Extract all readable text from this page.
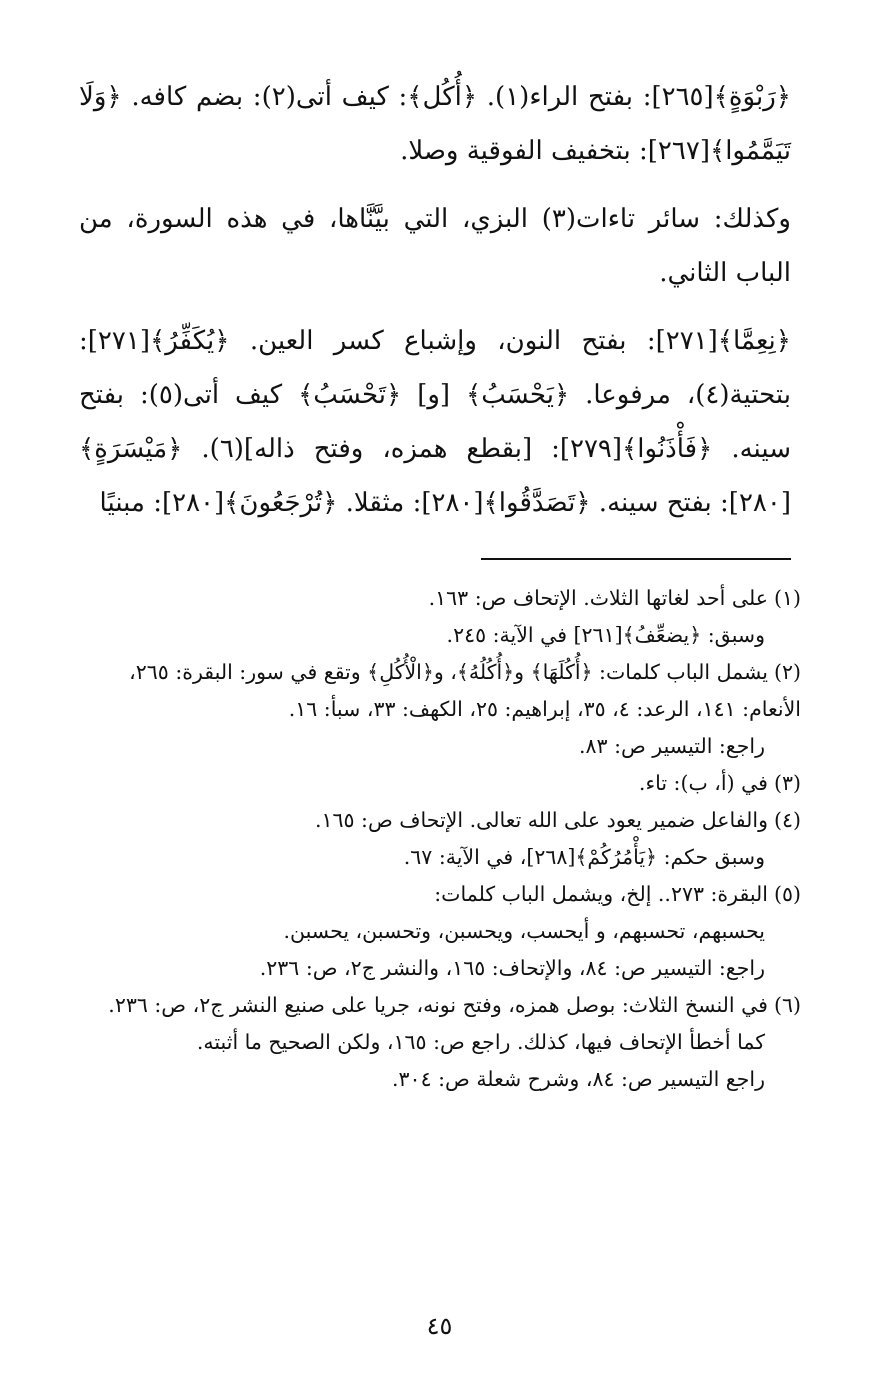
﴿رَبْوَةٍ﴾[٢٦٥]: بفتح الراء(١). ﴿أُكُل﴾: كيف أتى(٢): بضم كافه. ﴿وَلَا تَيَمَّمُوا﴾[٢٦٧]: بتخفيف الفوقية وصلا.

وكذلك: سائر تاءات(٣) البزي، التي بيَّنَّاها، في هذه السورة، من الباب الثاني.

﴿نِعِمَّا﴾[٢٧١]: بفتح النون، وإشباع كسر العين. ﴿يُكَفِّرُ﴾[٢٧١]: بتحتية(٤)، مرفوعا. ﴿يَحْسَبُ﴾ [و] ﴿تَحْسَبُ﴾ كيف أتى(٥): بفتح سينه. ﴿فَأْذَنُوا﴾[٢٧٩]: [بقطع همزه، وفتح ذاله](٦). ﴿مَيْسَرَةٍ﴾[٢٨٠]: بفتح سينه. ﴿تَصَدَّقُوا﴾[٢٨٠]: مثقلا. ﴿تُرْجَعُونَ﴾[٢٨٠]: مبنيًا

(١)على أحد لغاتها الثلاث. الإتحاف ص: ١٦٣.

وسبق: ﴿يضعِّفُ﴾[٢٦١] في الآية: ٢٤٥.

(٢)يشمل الباب كلمات: ﴿أُكُلَهَا﴾ و﴿أُكُلُهُ﴾، و﴿الْأُكُلِ﴾ وتقع في سور: البقرة: ٢٦٥، الأنعام: ١٤١، الرعد: ٤، ٣٥، إبراهيم: ٢٥، الكهف: ٣٣، سبأ: ١٦.

راجع: التيسير ص: ٨٣.

(٣)في (أ، ب): تاء.

(٤)والفاعل ضمير يعود على الله تعالى. الإتحاف ص: ١٦٥.

وسبق حكم: ﴿يَأْمُرُكُمْ﴾[٢٦٨]، في الآية: ٦٧.

(٥)البقرة: ٢٧٣.. إلخ، ويشمل الباب كلمات:

يحسبهم، تحسبهم، و أيحسب، ويحسبن، وتحسبن، يحسبن.

راجع: التيسير ص: ٨٤، والإتحاف: ١٦٥، والنشر ج٢، ص: ٢٣٦.

(٦)في النسخ الثلاث: بوصل همزه، وفتح نونه، جريا على صنيع النشر ج٢، ص: ٢٣٦.

كما أخطأ الإتحاف فيها، كذلك. راجع ص: ١٦٥، ولكن الصحيح ما أثبته.

راجع التيسير ص: ٨٤، وشرح شعلة ص: ٣٠٤.

٤٥
